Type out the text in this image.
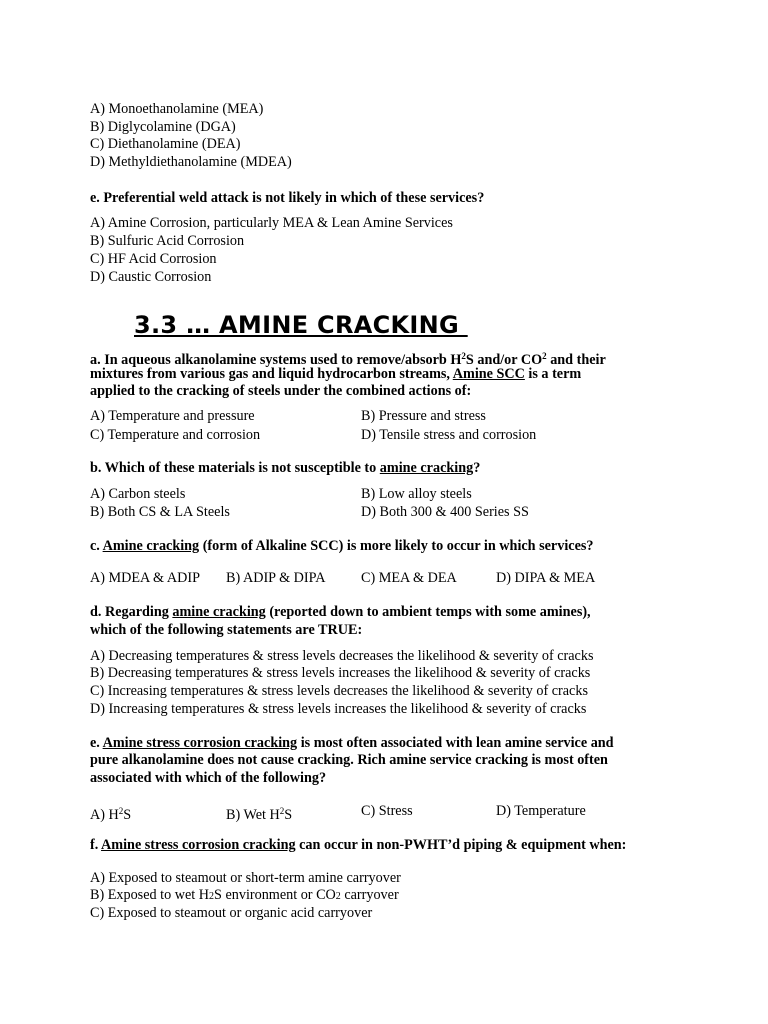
A) Monoethanolamine (MEA)
B) Diglycolamine (DGA)
C) Diethanolamine (DEA)
D) Methyldiethanolamine (MDEA)
e. Preferential weld attack is not likely in which of these services?
A) Amine Corrosion, particularly MEA & Lean Amine Services
B) Sulfuric Acid Corrosion
C) HF Acid Corrosion
D) Caustic Corrosion
3.3 … AMINE CRACKING
a. In aqueous alkanolamine systems used to remove/absorb $H^2S$ and/or $CO^2$ and their
mixtures from various gas and liquid hydrocarbon streams, Amine SCC is a term
applied to the cracking of steels under the combined actions of:
A) Temperature and pressure	B) Pressure and stress
C) Temperature and corrosion	D) Tensile stress and corrosion
b. Which of these materials is not susceptible to amine cracking?
A) Carbon steels	B) Low alloy steels
B) Both CS & LA Steels	D) Both 300 & 400 Series SS
c. Amine cracking (form of Alkaline SCC) is more likely to occur in which services?
A) MDEA & ADIP B) ADIP & DIPA	C) MEA & DEA	D) DIPA & MEA
d. Regarding amine cracking (reported down to ambient temps with some amines),
which of the following statements are TRUE:
A) Decreasing temperatures & stress levels decreases the likelihood & severity of cracks
B) Decreasing temperatures & stress levels increases the likelihood & severity of cracks
C) Increasing temperatures & stress levels decreases the likelihood & severity of cracks
D) Increasing temperatures & stress levels increases the likelihood & severity of cracks
e. Amine stress corrosion cracking is most often associated with lean amine service and
pure alkanolamine does not cause cracking. Rich amine service cracking is most often
associated with which of the following?
A) $H^2S$	B) Wet $H^2S$	C) Stress	D) Temperature
f. Amine stress corrosion cracking can occur in non-PWHT’d piping & equipment when:
A) Exposed to steamout or short-term amine carryover
B) Exposed to wet H2S environment or CO2 carryover
C) Exposed to steamout or organic acid carryover
